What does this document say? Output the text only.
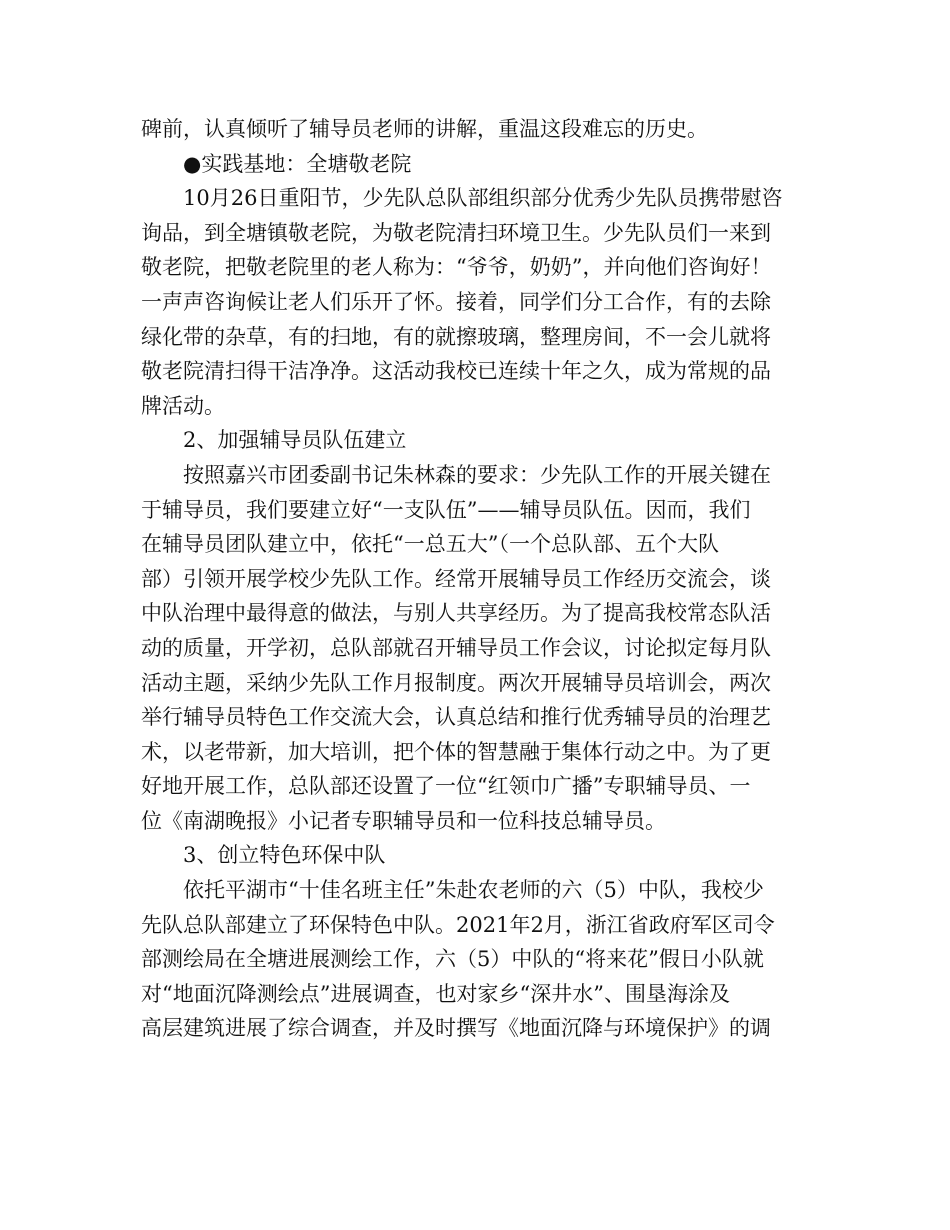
碑前，认真倾听了辅导员老师的讲解，重温这段难忘的历史。
●实践基地：全塘敬老院
10月26日重阳节，少先队总队部组织部分优秀少先队员携带慰咨
询品，到全塘镇敬老院，为敬老院清扫环境卫生。少先队员们一来到
敬老院，把敬老院里的老人称为：“爷爷，奶奶”，并向他们咨询好！
一声声咨询候让老人们乐开了怀。接着，同学们分工合作，有的去除
绿化带的杂草，有的扫地，有的就擦玻璃，整理房间，不一会儿就将
敬老院清扫得干洁净净。这活动我校已连续十年之久，成为常规的品
牌活动。
2、加强辅导员队伍建立
按照嘉兴市团委副书记朱林森的要求：少先队工作的开展关键在
于辅导员，我们要建立好“一支队伍”——辅导员队伍。因而，我们
在辅导员团队建立中，依托“一总五大”（一个总队部、五个大队
部）引领开展学校少先队工作。经常开展辅导员工作经历交流会，谈
中队治理中最得意的做法，与别人共享经历。为了提高我校常态队活
动的质量，开学初，总队部就召开辅导员工作会议，讨论拟定每月队
活动主题，采纳少先队工作月报制度。两次开展辅导员培训会，两次
举行辅导员特色工作交流大会，认真总结和推行优秀辅导员的治理艺
术，以老带新，加大培训，把个体的智慧融于集体行动之中。为了更
好地开展工作，总队部还设置了一位“红领巾广播”专职辅导员、一
位《南湖晚报》小记者专职辅导员和一位科技总辅导员。
3、创立特色环保中队
依托平湖市“十佳名班主任”朱赴农老师的六（5）中队，我校少
先队总队部建立了环保特色中队。2021年2月，浙江省政府军区司令
部测绘局在全塘进展测绘工作，六（5）中队的“将来花”假日小队就
对“地面沉降测绘点”进展调查，也对家乡“深井水”、围垦海涂及
高层建筑进展了综合调查，并及时撰写《地面沉降与环境保护》的调
